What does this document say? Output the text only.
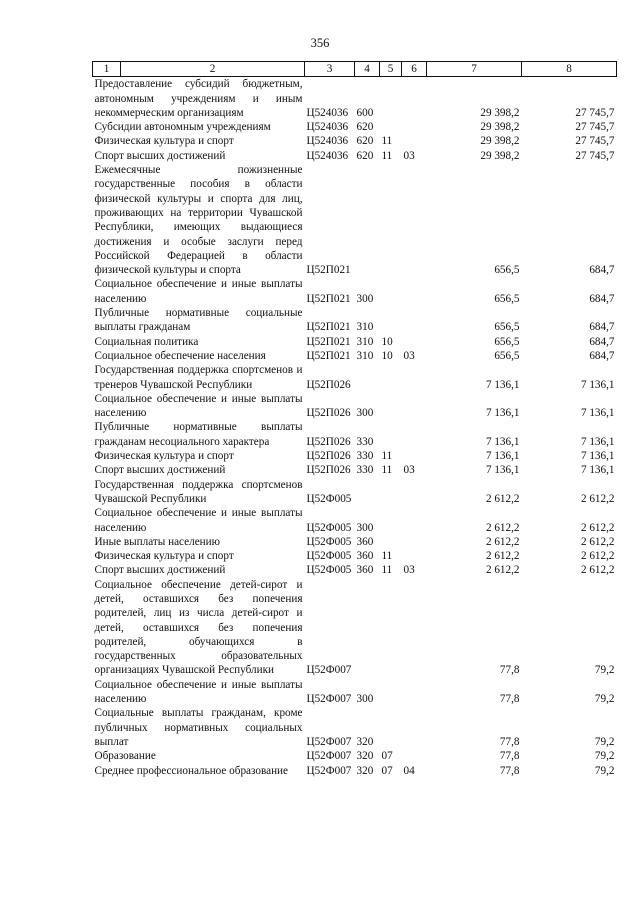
356
1	2	3	4	5	6	7	8
Предоставление субсидий бюджетным, автономным учреждениям и иным некоммерческим организациям		Ц524036	600			29 398,2	27 745,7
Субсидии автономным учреждениям		Ц524036	620			29 398,2	27 745,7
Физическая культура и спорт		Ц524036	620	11		29 398,2	27 745,7
Спорт высших достижений		Ц524036	620	11	03	29 398,2	27 745,7
Ежемесячные пожизненные государственные пособия в области физической культуры и спорта для лиц, проживающих на территории Чувашской Республики, имеющих выдающиеся достижения и особые заслуги перед Российской Федерацией в области физической культуры и спорта		Ц52П021				656,5	684,7
Социальное обеспечение и иные выплаты населению		Ц52П021	300			656,5	684,7
Публичные нормативные социальные выплаты гражданам		Ц52П021	310			656,5	684,7
Социальная политика		Ц52П021	310	10		656,5	684,7
Социальное обеспечение населения		Ц52П021	310	10	03	656,5	684,7
Государственная поддержка спортсменов и тренеров Чувашской Республики		Ц52П026				7 136,1	7 136,1
Социальное обеспечение и иные выплаты населению		Ц52П026	300			7 136,1	7 136,1
Публичные нормативные выплаты гражданам несоциального характера		Ц52П026	330			7 136,1	7 136,1
Физическая культура и спорт		Ц52П026	330	11		7 136,1	7 136,1
Спорт высших достижений		Ц52П026	330	11	03	7 136,1	7 136,1
Государственная поддержка спортсменов Чувашской Республики		Ц52Ф005				2 612,2	2 612,2
Социальное обеспечение и иные выплаты населению		Ц52Ф005	300			2 612,2	2 612,2
Иные выплаты населению		Ц52Ф005	360			2 612,2	2 612,2
Физическая культура и спорт		Ц52Ф005	360	11		2 612,2	2 612,2
Спорт высших достижений		Ц52Ф005	360	11	03	2 612,2	2 612,2
Социальное обеспечение детей-сирот и детей, оставшихся без попечения родителей, лиц из числа детей-сирот и детей, оставшихся без попечения родителей, обучающихся в государственных образовательных организациях Чувашской Республики		Ц52Ф007				77,8	79,2
Социальное обеспечение и иные выплаты населению		Ц52Ф007	300			77,8	79,2
Социальные выплаты гражданам, кроме публичных нормативных социальных выплат		Ц52Ф007	320			77,8	79,2
Образование		Ц52Ф007	320	07		77,8	79,2
Среднее профессиональное образование		Ц52Ф007	320	07	04	77,8	79,2
